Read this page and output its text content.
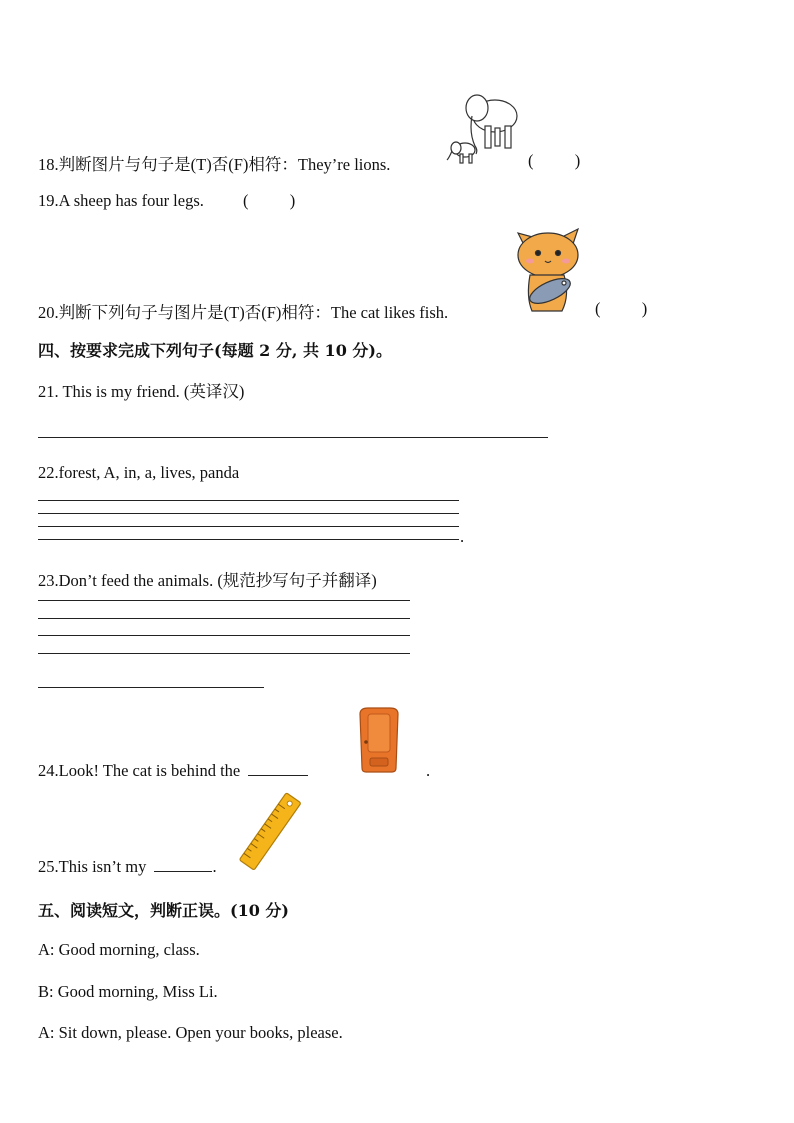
18.判断图片与句子是(T)否(F)相符：They’re lions.	(          )
19.A sheep has four legs. (          )
20.判断下列句子与图片是(T)否(F)相符：The cat likes fish.	(          )
四、按要求完成下列句子(每题 2 分, 共 10 分)。
21. This is my friend. (英译汉)
22.forest, A, in, a, lives, panda
.
23.Don’t feed the animals. (规范抄写句子并翻译)
24.Look! The cat is behind the	.
25.This isn’t my	.
五、阅读短文，判断正误。(10 分)
A: Good morning, class.
B: Good morning, Miss Li.
A: Sit down, please. Open your books, please.
